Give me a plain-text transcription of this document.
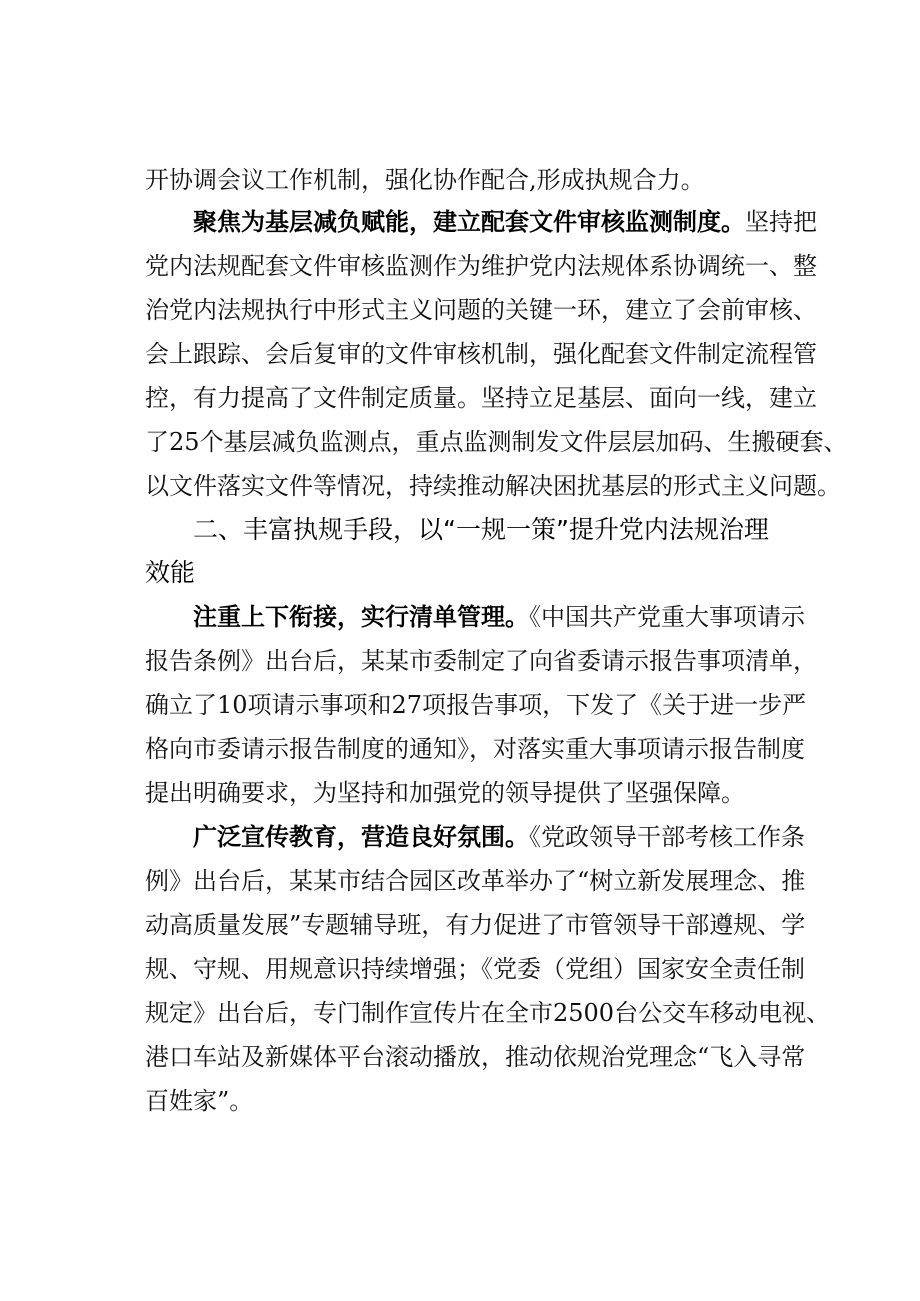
开协调会议工作机制，强化协作配合,形成执规合力。
聚焦为基层减负赋能，建立配套文件审核监测制度。坚持把
党内法规配套文件审核监测作为维护党内法规体系协调统一、整
治党内法规执行中形式主义问题的关键一环，建立了会前审核、
会上跟踪、会后复审的文件审核机制，强化配套文件制定流程管
控，有力提高了文件制定质量。坚持立足基层、面向一线，建立
了25个基层减负监测点，重点监测制发文件层层加码、生搬硬套、
以文件落实文件等情况，持续推动解决困扰基层的形式主义问题。
二、丰富执规手段，以“一规一策”提升党内法规治理
效能
注重上下衔接，实行清单管理。《中国共产党重大事项请示
报告条例》出台后，某某市委制定了向省委请示报告事项清单，
确立了10项请示事项和27项报告事项，下发了《关于进一步严
格向市委请示报告制度的通知》，对落实重大事项请示报告制度
提出明确要求，为坚持和加强党的领导提供了坚强保障。
广泛宣传教育，营造良好氛围。《党政领导干部考核工作条
例》出台后，某某市结合园区改革举办了“树立新发展理念、推
动高质量发展”专题辅导班，有力促进了市管领导干部遵规、学
规、守规、用规意识持续增强；《党委（党组）国家安全责任制
规定》出台后，专门制作宣传片在全市2500台公交车移动电视、
港口车站及新媒体平台滚动播放，推动依规治党理念“飞入寻常
百姓家”。
